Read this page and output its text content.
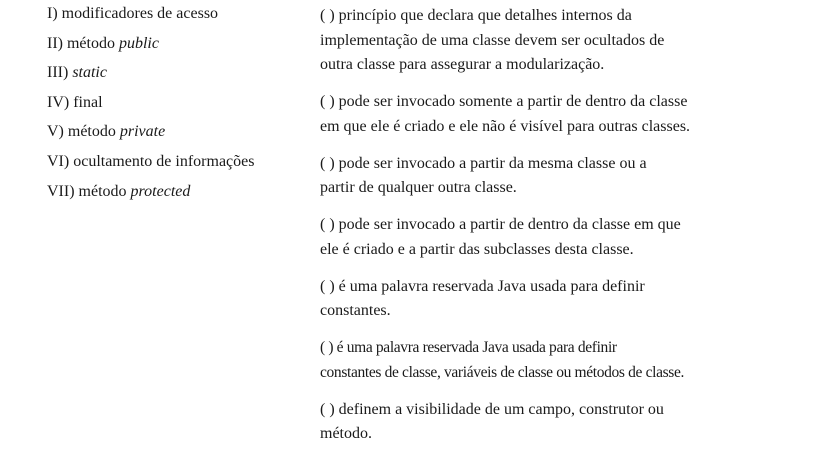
I) modificadores de acesso
II) método public
III) static
IV) final
V) método private
VI) ocultamento de informações
VII) método protected
( ) princípio que declara que detalhes internos da
implementação de uma classe devem ser ocultados de
outra classe para assegurar a modularização.
( ) pode ser invocado somente a partir de dentro da classe
em que ele é criado e ele não é visível para outras classes.
( ) pode ser invocado a partir da mesma classe ou a
partir de qualquer outra classe.
( ) pode ser invocado a partir de dentro da classe em que
ele é criado e a partir das subclasses desta classe.
( ) é uma palavra reservada Java usada para definir
constantes.
( ) é uma palavra reservada Java usada para definir
constantes de classe, variáveis de classe ou métodos de classe.
( ) definem a visibilidade de um campo, construtor ou
método.
